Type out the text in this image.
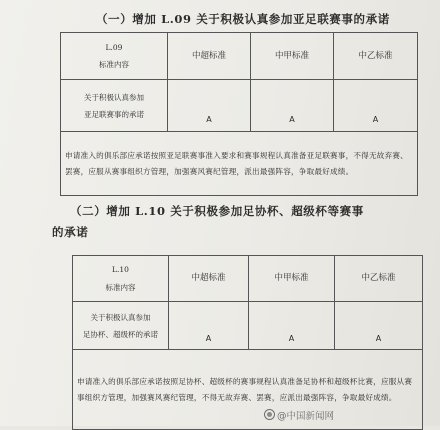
（一）增加 L.09 关于积极认真参加亚足联赛事的承诺
L.09
标准内容	中超标准	中甲标准	中乙标准

关于积极认真参加
亚足联赛事的承诺	A	A	A
申请准入的俱乐部应承诺按照亚足联赛事准入要求和赛事规程认真准备亚足联赛事，不得无故弃赛、罢赛，应服从赛事组织方管理，加强赛风赛纪管理，派出最强阵容，争取最好成绩。			
（二）增加 L.10 关于积极参加足协杯、超级杯等赛事
的承诺
L.10
标准内容	中超标准	中甲标准	中乙标准

关于积极认真参加
足协杯、超级杯的承诺	A	A	A
申请准入的俱乐部应承诺按照足协杯、超级杯的赛事规程认真准备足协杯和超级杯比赛，应服从赛事组织方管理，加强赛风赛纪管理，不得无故弃赛、罢赛，应派出最强阵容，争取最好成绩。			
@中国新闻网
